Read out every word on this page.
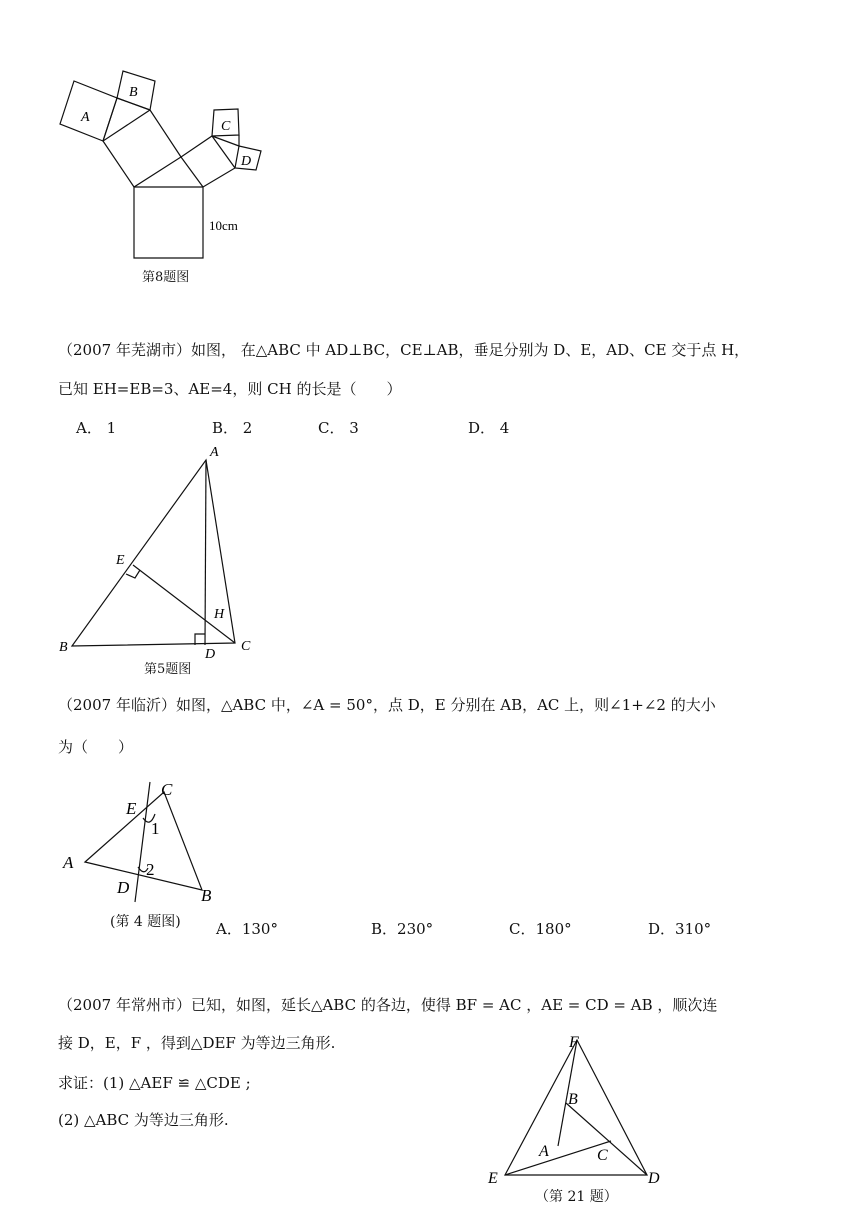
A
B
C
D
10cm
第8题图
（2007 年芜湖市）如图， 在△ABC 中 AD⊥BC，CE⊥AB，垂足分别为 D、E，AD、CE 交于点 H，
已知 EH=EB=3、AE=4，则 CH 的长是（　　）
A． 1	B． 2	C． 3	D． 4
A
E
H
B	D
C
第5题图
（2007 年临沂）如图，△ABC 中，∠A = 50°，点 D，E 分别在 AB，AC 上，则∠1+∠2 的大小
为（　　）
C
E
A
D	B
1
2
(第 4 题图) A．130°	B．230°	C．180°	D．310°
（2007 年常州市）已知，如图，延长△ABC 的各边，使得 BF = AC ，AE = CD = AB ，顺次连
接 D，E，F ，得到△DEF 为等边三角形.
求证：(1) △AEF ≌ △CDE ;
(2) △ABC 为等边三角形.
F
B
A	C
E	D
（第 21 题）
